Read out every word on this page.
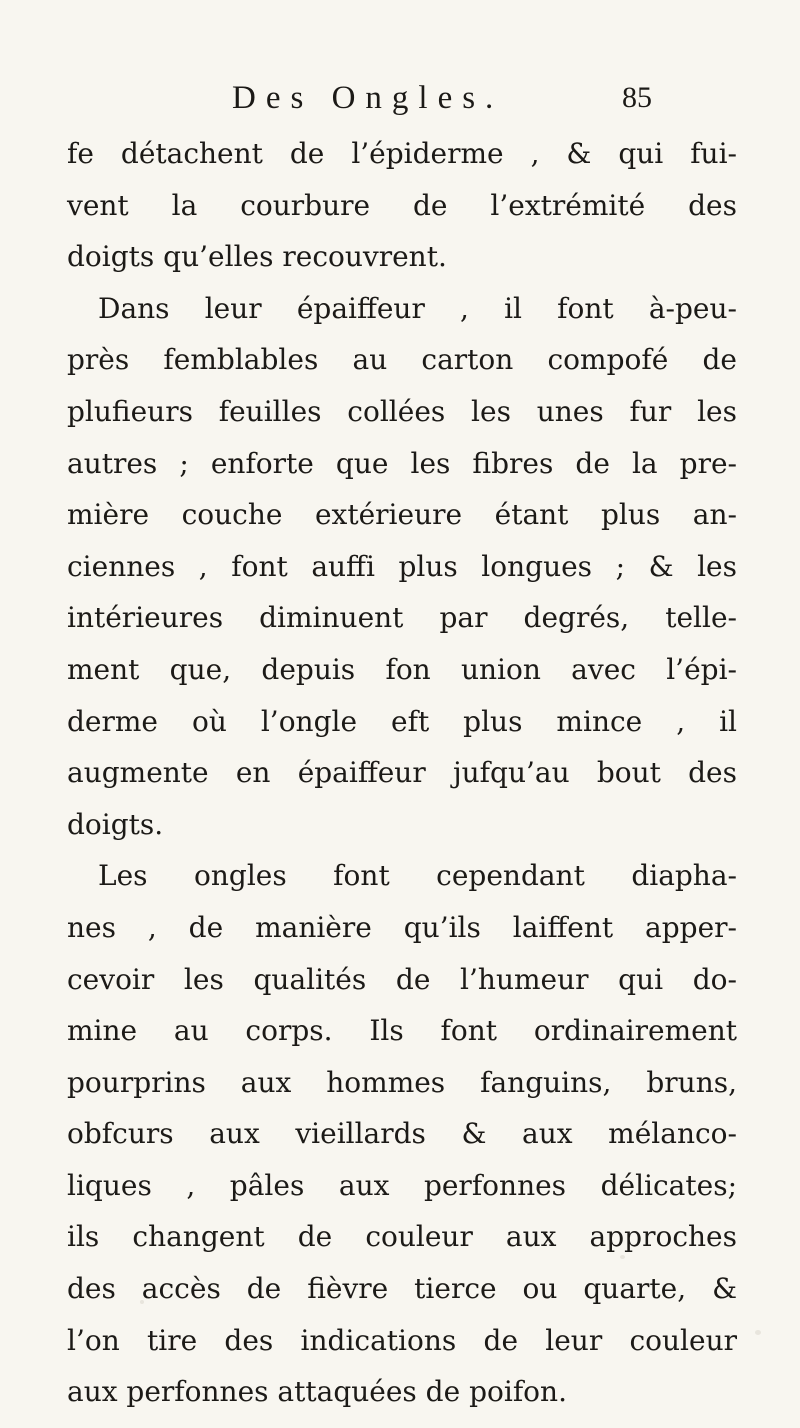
Des Ongles.	85
fe détachent de l’épiderme , & qui fui-
vent la courbure de l’extrémité des
doigts qu’elles recouvrent.
Dans leur épaiffeur , il font à-peu-
près femblables au carton compofé de
plufieurs feuilles collées les unes fur les
autres ; enforte que les fibres de la pre-
mière couche extérieure étant plus an-
ciennes , font auffi plus longues ; & les
intérieures diminuent par degrés, telle-
ment que, depuis fon union avec l’épi-
derme où l’ongle eft plus mince , il
augmente en épaiffeur jufqu’au bout des
doigts.
Les ongles font cependant diapha-
nes , de manière qu’ils laiffent apper-
cevoir les qualités de l’humeur qui do-
mine au corps. Ils font ordinairement
pourprins aux hommes fanguins, bruns,
obfcurs aux vieillards & aux mélanco-
liques , pâles aux perfonnes délicates;
ils changent de couleur aux approches
des accès de fièvre tierce ou quarte, &
l’on tire des indications de leur couleur
aux perfonnes attaquées de poifon.
